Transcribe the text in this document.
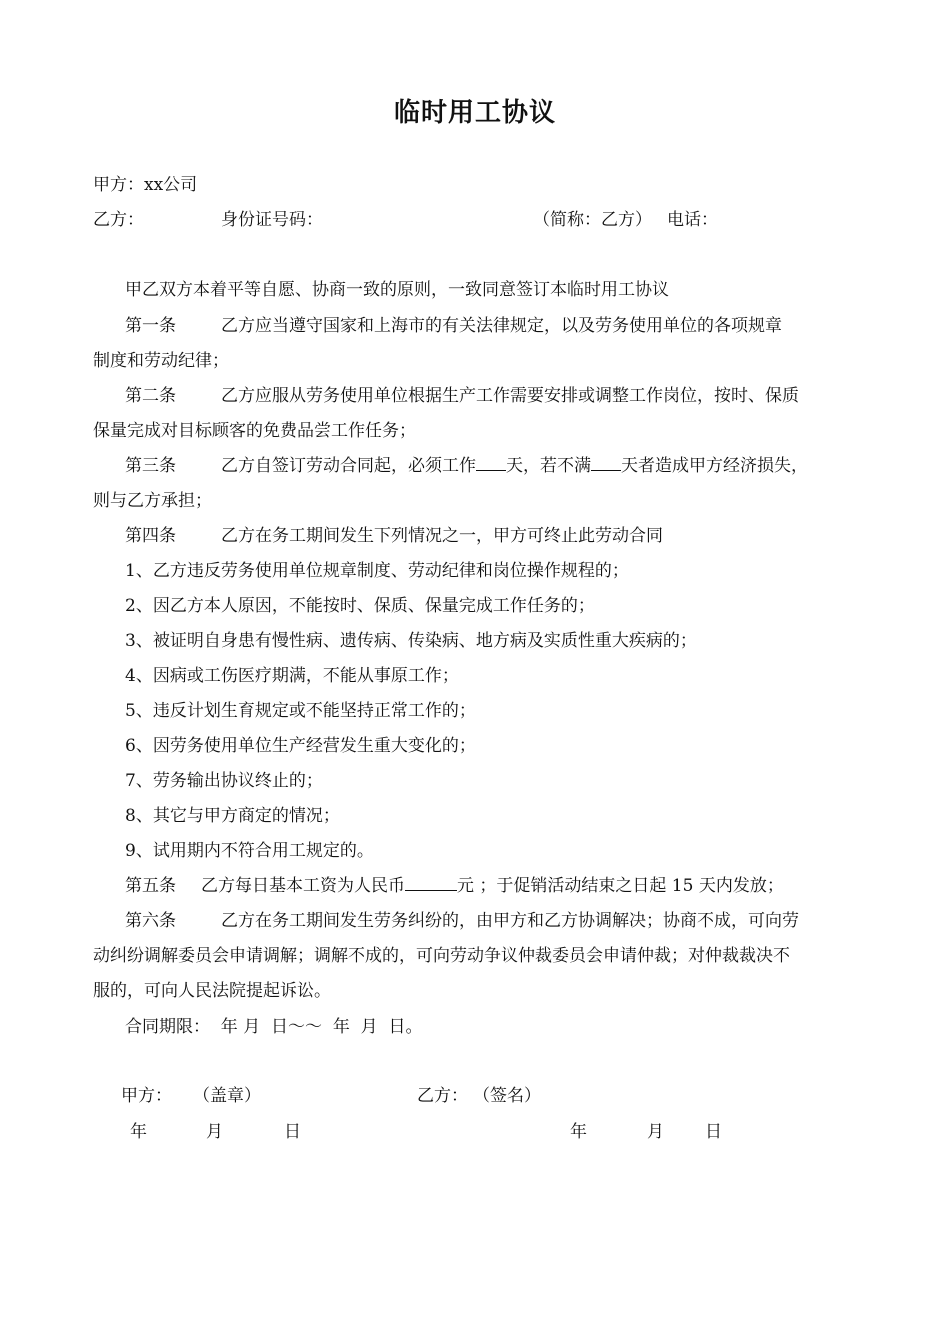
临时用工协议
甲方：xx公司
乙方：	身份证号码：	（简称：乙方） 电话：
甲乙双方本着平等自愿、协商一致的原则，一致同意签订本临时用工协议
第一条	乙方应当遵守国家和上海市的有关法律规定，以及劳务使用单位的各项规章
制度和劳动纪律；
第二条	乙方应服从劳务使用单位根据生产工作需要安排或调整工作岗位，按时、保质
保量完成对目标顾客的免费品尝工作任务；
第三条	乙方自签订劳动合同起，必须工作 天，若不满 天者造成甲方经济损失，
则与乙方承担；
第四条	乙方在务工期间发生下列情况之一，甲方可终止此劳动合同
1、乙方违反劳务使用单位规章制度、劳动纪律和岗位操作规程的；
2、因乙方本人原因，不能按时、保质、保量完成工作任务的；
3、被证明自身患有慢性病、遗传病、传染病、地方病及实质性重大疾病的；
4、因病或工伤医疗期满，不能从事原工作；
5、违反计划生育规定或不能坚持正常工作的；
6、因劳务使用单位生产经营发生重大变化的；
7、劳务输出协议终止的；
8、其它与甲方商定的情况；
9、试用期内不符合用工规定的。
第五条 乙方每日基本工资为人民币	元 ；于促销活动结束之日起 15 天内发放；
第六条	乙方在务工期间发生劳务纠纷的，由甲方和乙方协调解决；协商不成，可向劳
动纠纷调解委员会申请调解；调解不成的，可向劳动争议仲裁委员会申请仲裁；对仲裁裁决不
服的，可向人民法院提起诉讼。
合同期限：  年 月  日～～  年  月  日。
甲方： （盖章）	乙方： （签名）
年	月	日	年	月 日
